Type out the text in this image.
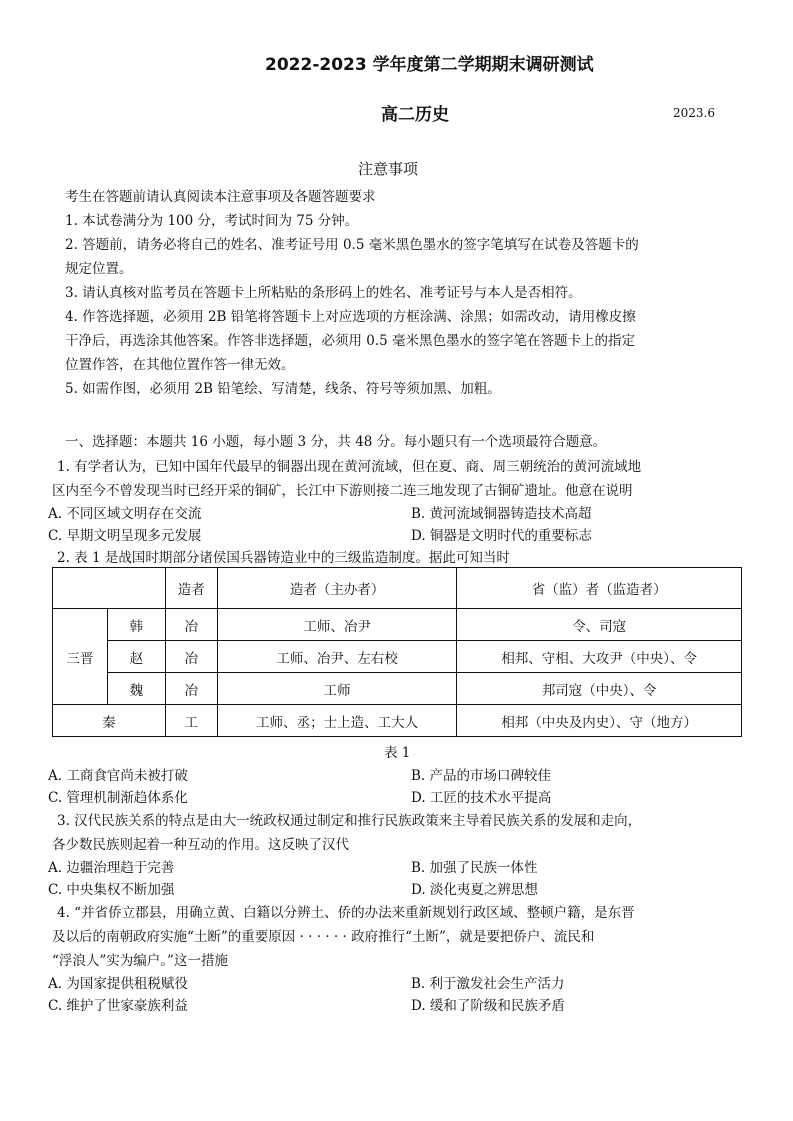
2022-2023 学年度第二学期期末调研测试
高二历史	2023.6
注意事项
考生在答题前请认真阅读本注意事项及各题答题要求
1. 本试卷满分为 100 分，考试时间为 75 分钟。
2. 答题前，请务必将自己的姓名、准考证号用 0.5 毫米黑色墨水的签字笔填写在试卷及答题卡的
规定位置。
3. 请认真核对监考员在答题卡上所粘贴的条形码上的姓名、准考证号与本人是否相符。
4. 作答选择题，必须用 2B 铅笔将答题卡上对应选项的方框涂满、涂黑；如需改动，请用橡皮擦
干净后，再选涂其他答案。作答非选择题，必须用 0.5 毫米黑色墨水的签字笔在答题卡上的指定
位置作答，在其他位置作答一律无效。
5. 如需作图，必须用 2B 铅笔绘、写清楚，线条、符号等须加黑、加粗。
一、选择题：本题共 16 小题，每小题 3 分，共 48 分。每小题只有一个选项最符合题意。
1. 有学者认为，已知中国年代最早的铜器出现在黄河流域，但在夏、商、周三朝统治的黄河流域地
区内至今不曾发现当时已经开采的铜矿，长江中下游则接二连三地发现了古铜矿遗址。他意在说明
A. 不同区域文明存在交流	B. 黄河流域铜器铸造技术高超
C. 早期文明呈现多元发展	D. 铜器是文明时代的重要标志
2. 表 1 是战国时期部分诸侯国兵器铸造业中的三级监造制度。据此可知当时
		造者	造者（主办者）	省（监）者（监造者）
三晋	韩	冶	工师、冶尹	令、司寇
	赵	冶	工师、冶尹、左右校	相邦、守相、大攻尹（中央）、令
	魏	冶	工师	邦司寇（中央）、令
秦		工	工师、丞；士上造、工大人	相邦（中央及内史）、守（地方）
表 1
A. 工商食官尚未被打破	B. 产品的市场口碑较佳
C. 管理机制渐趋体系化	D. 工匠的技术水平提高
3. 汉代民族关系的特点是由大一统政权通过制定和推行民族政策来主导着民族关系的发展和走向，
各少数民族则起着一种互动的作用。这反映了汉代
A. 边疆治理趋于完善	B. 加强了民族一体性
C. 中央集权不断加强	D. 淡化夷夏之辨思想
4. “并省侨立郡县，用确立黄、白籍以分辨土、侨的办法来重新规划行政区域、整顿户籍，是东晋
及以后的南朝政府实施“土断”的重要原因 · · · · · · 政府推行“土断”，就是要把侨户、流民和
“浮浪人”实为编户。”这一措施
A. 为国家提供租税赋役	B. 利于激发社会生产活力
C. 维护了世家豪族利益	D. 缓和了阶级和民族矛盾
